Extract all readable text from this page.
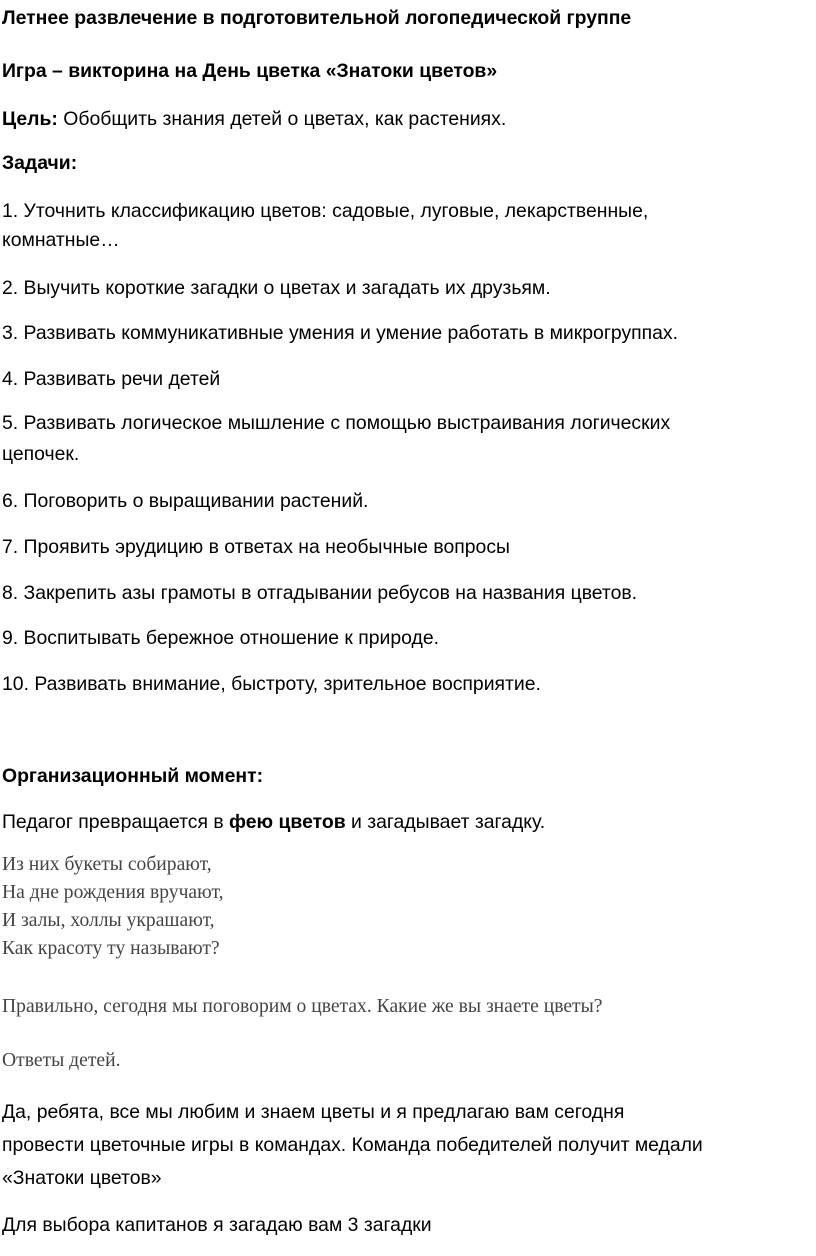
Летнее развлечение в подготовительной логопедической группе
Игра – викторина на День цветка «Знатоки цветов»
Цель: Обобщить знания детей о цветах, как растениях.
Задачи:
1. Уточнить классификацию цветов: садовые, луговые, лекарственные,
комнатные…
2. Выучить короткие загадки о цветах и загадать их друзьям.
3. Развивать коммуникативные умения и умение работать в микрогруппах.
4. Развивать речи детей
5. Развивать логическое мышление с помощью выстраивания логических
цепочек.
6. Поговорить о выращивании растений.
7. Проявить эрудицию в ответах на необычные вопросы
8. Закрепить азы грамоты в отгадывании ребусов на названия цветов.
9. Воспитывать бережное отношение к природе.
10. Развивать внимание, быстроту, зрительное восприятие.
Организационный момент:
Педагог превращается в фею цветов и загадывает загадку.
Из них букеты собирают,
На дне рождения вручают,
И залы, холлы украшают,
Как красоту ту называют?
Правильно, сегодня мы поговорим о цветах. Какие же вы знаете цветы?
Ответы детей.
Да, ребята, все мы любим и знаем цветы и я предлагаю вам сегодня
провести цветочные игры в командах. Команда победителей получит медали
«Знатоки цветов»
Для выбора капитанов я загадаю вам 3 загадки
